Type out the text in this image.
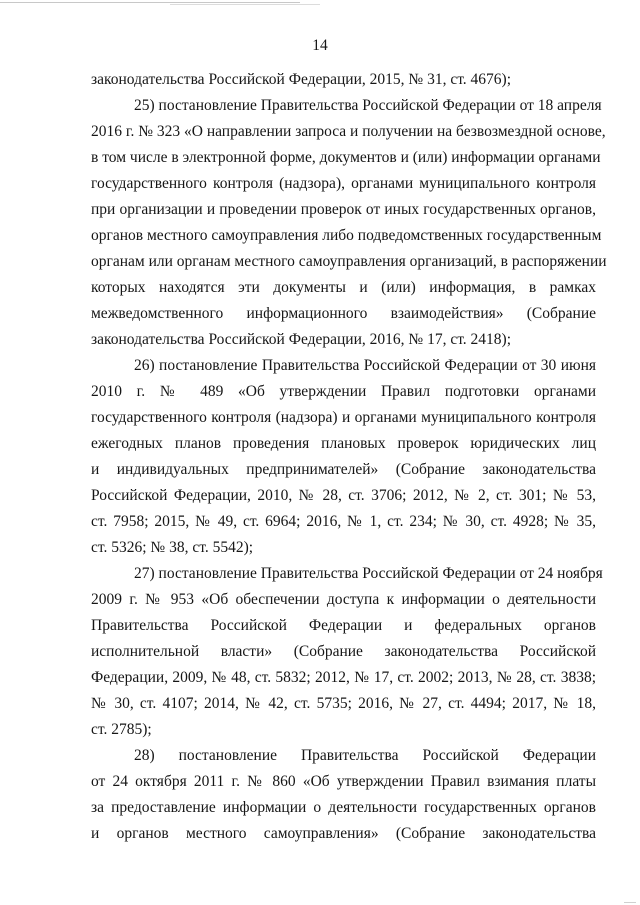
14
законодательства Российской Федерации, 2015, № 31, ст. 4676);
25) постановление Правительства Российской Федерации от 18 апреля
2016 г. № 323 «О направлении запроса и получении на безвозмездной основе,
в том числе в электронной форме, документов и (или) информации органами
государственного контроля (надзора), органами муниципального контроля
при организации и проведении проверок от иных государственных органов,
органов местного самоуправления либо подведомственных государственным
органам или органам местного самоуправления организаций, в распоряжении
которых находятся эти документы и (или) информация, в рамках
межведомственного информационного взаимодействия» (Собрание
законодательства Российской Федерации, 2016, № 17, ст. 2418);
26) постановление Правительства Российской Федерации от 30 июня
2010 г. № 489 «Об утверждении Правил подготовки органами
государственного контроля (надзора) и органами муниципального контроля
ежегодных планов проведения плановых проверок юридических лиц
и индивидуальных предпринимателей» (Собрание законодательства
Российской Федерации, 2010, № 28, ст. 3706; 2012, № 2, ст. 301; № 53,
ст. 7958; 2015, № 49, ст. 6964; 2016, № 1, ст. 234; № 30, ст. 4928; № 35,
ст. 5326; № 38, ст. 5542);
27) постановление Правительства Российской Федерации от 24 ноября
2009 г. № 953 «Об обеспечении доступа к информации о деятельности
Правительства Российской Федерации и федеральных органов
исполнительной власти» (Собрание законодательства Российской
Федерации, 2009, № 48, ст. 5832; 2012, № 17, ст. 2002; 2013, № 28, ст. 3838;
№ 30, ст. 4107; 2014, № 42, ст. 5735; 2016, № 27, ст. 4494; 2017, № 18,
ст. 2785);
28) постановление Правительства Российской Федерации
от 24 октября 2011 г. № 860 «Об утверждении Правил взимания платы
за предоставление информации о деятельности государственных органов
и органов местного самоуправления» (Собрание законодательства
